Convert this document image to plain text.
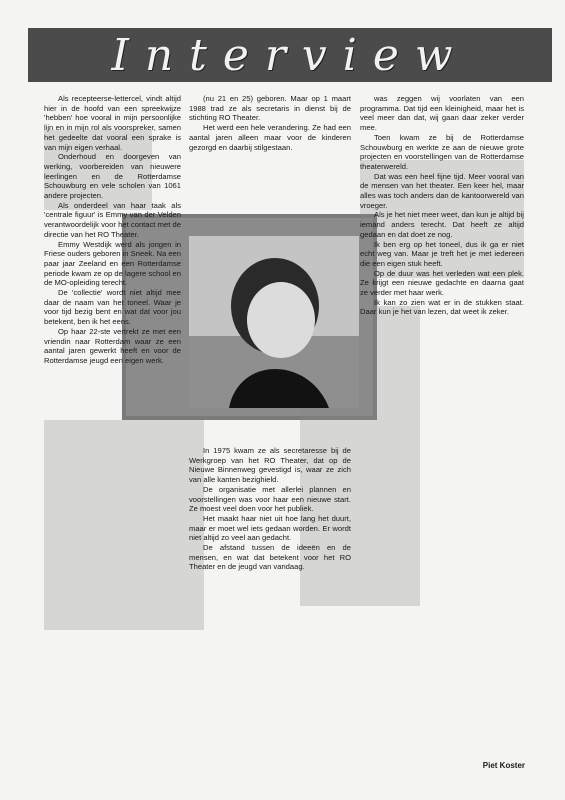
Interview

Als recepteerse-lettercel, vindt altijd hier in de hoofd van een spreekwijze 'hebben' hoe vooral in mijn persoonlijke lijn en in mijn rol als voorspreker, samen het gedeelte dat vooral een sprake is van mijn eigen verhaal.

Onderhoud en doorgeven van werking, voorbereiden van nieuwere leerlingen en de Rotterdamse Schouwburg en vele scholen van 1061 andere projecten.

Als onderdeel van haar taak als 'centrale figuur' is Emmy van der Velden verantwoordelijk voor het contact met de directie van het RO Theater.

Emmy Westdijk werd als jongen in Friese ouders geboren in Sneek. Na een paar jaar Zeeland en een Rotterdamse periode kwam ze op de lagere school en de MO-opleiding terecht.

De 'collectie' wordt niet altijd mee daar de naam van het toneel. Waar je voor tijd bezig bent en wat dat voor jou betekent, ben ik het eens.

Op haar 22-ste vertrekt ze met een vriendin naar Rotterdam waar ze een aantal jaren gewerkt heeft en voor de Rotterdamse jeugd een eigen werk.

(nu 21 en 25) geboren. Maar op 1 maart 1988 trad ze als secretaris in dienst bij de stichting RO Theater.

Het werd een hele verandering. Ze had een aantal jaren alleen maar voor de kinderen gezorgd en daarbij stilgestaan.

In 1975 kwam ze als secretaresse bij de Werkgroep van het RO Theater, dat op de Nieuwe Binnenweg gevestigd is, waar ze zich van alle kanten bezighield.

De organisatie met allerlei plannen en voorstellingen was voor haar een nieuwe start. Ze moest veel doen voor het publiek.

Het maakt haar niet uit hoe lang het duurt, maar er moet wel iets gedaan worden. Er wordt niet altijd zo veel aan gedacht.

De afstand tussen de ideeën en de mensen, en wat dat betekent voor het RO Theater en de jeugd van vandaag.

was zeggen wij voorlaten van een programma. Dat tijd een kleinigheid, maar het is veel meer dan dat, wij gaan daar zeker verder mee.

Toen kwam ze bij de Rotterdamse Schouwburg en werkte ze aan de nieuwe grote projecten en voorstellingen van de Rotterdamse theaterwereld.

Dat was een heel fijne tijd. Meer vooral van de mensen van het theater. Een keer hel, maar alles was toch anders dan de kantoorwereld van vroeger.

Als je het niet meer weet, dan kun je altijd bij iemand anders terecht. Dat heeft ze altijd gedaan en dat doet ze nog.

Ik ben erg op het toneel, dus ik ga er niet echt weg van. Maar je treft het je met iedereen die een eigen stuk heeft.

Op de duur was het verleden wat een plek. Ze krijgt een nieuwe gedachte en daarna gaat ze verder met haar werk.

Ik kan zo zien wat er in de stukken staat. Daar kun je het van lezen, dat weet ik zeker.

Piet Koster
